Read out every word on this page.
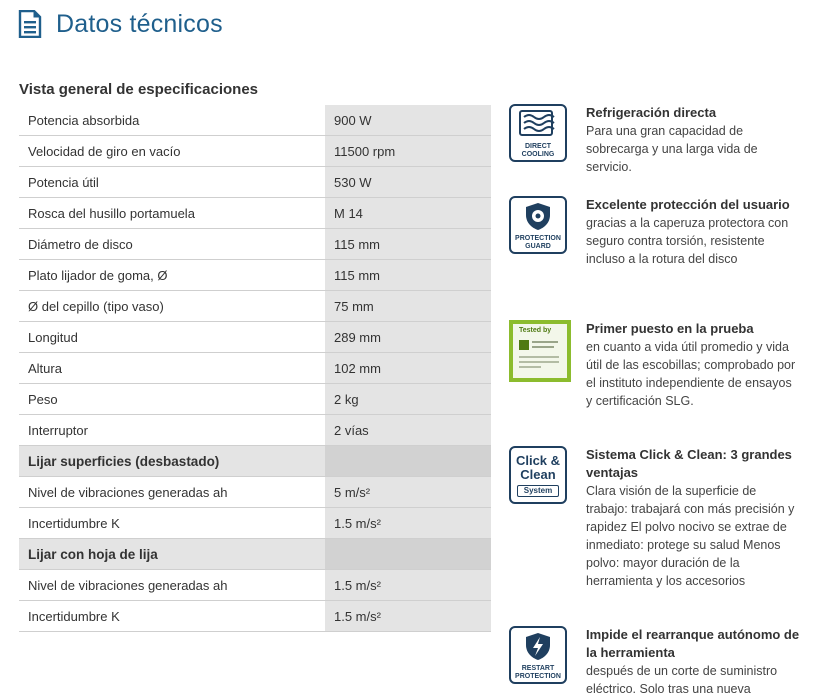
Datos técnicos
Vista general de especificaciones
Potencia absorbida	900 W
Velocidad de giro en vacío	11500 rpm
Potencia útil	530 W
Rosca del husillo portamuela	M 14
Diámetro de disco	115 mm
Plato lijador de goma, Ø	115 mm
Ø del cepillo (tipo vaso)	75 mm
Longitud	289 mm
Altura	102 mm
Peso	2 kg
Interruptor	2 vías
Lijar superficies (desbastado)	
Nivel de vibraciones generadas ah	5 m/s²
Incertidumbre K	1.5 m/s²
Lijar con hoja de lija	
Nivel de vibraciones generadas ah	1.5 m/s²
Incertidumbre K	1.5 m/s²
DIRECT
COOLING
Refrigeración directa
Para una gran capacidad de sobrecarga y una larga vida de servicio.
PROTECTION
GUARD
Excelente protección del usuario
gracias a la caperuza protectora con seguro contra torsión, resistente incluso a la rotura del disco
Tested by	Primer puesto en la prueba
en cuanto a vida útil promedio y vida útil de las escobillas; comprobado por el instituto independiente de ensayos y certificación SLG.
Click &
Clean
System
Sistema Click & Clean: 3 grandes ventajas
Clara visión de la superficie de trabajo: trabajará con más precisión y rapidez El polvo nocivo se extrae de inmediato: protege su salud Menos polvo: mayor duración de la herramienta y los accesorios
RESTART
PROTECTION
Impide el rearranque autónomo de la herramienta
después de un corte de suministro eléctrico. Solo tras una nueva
